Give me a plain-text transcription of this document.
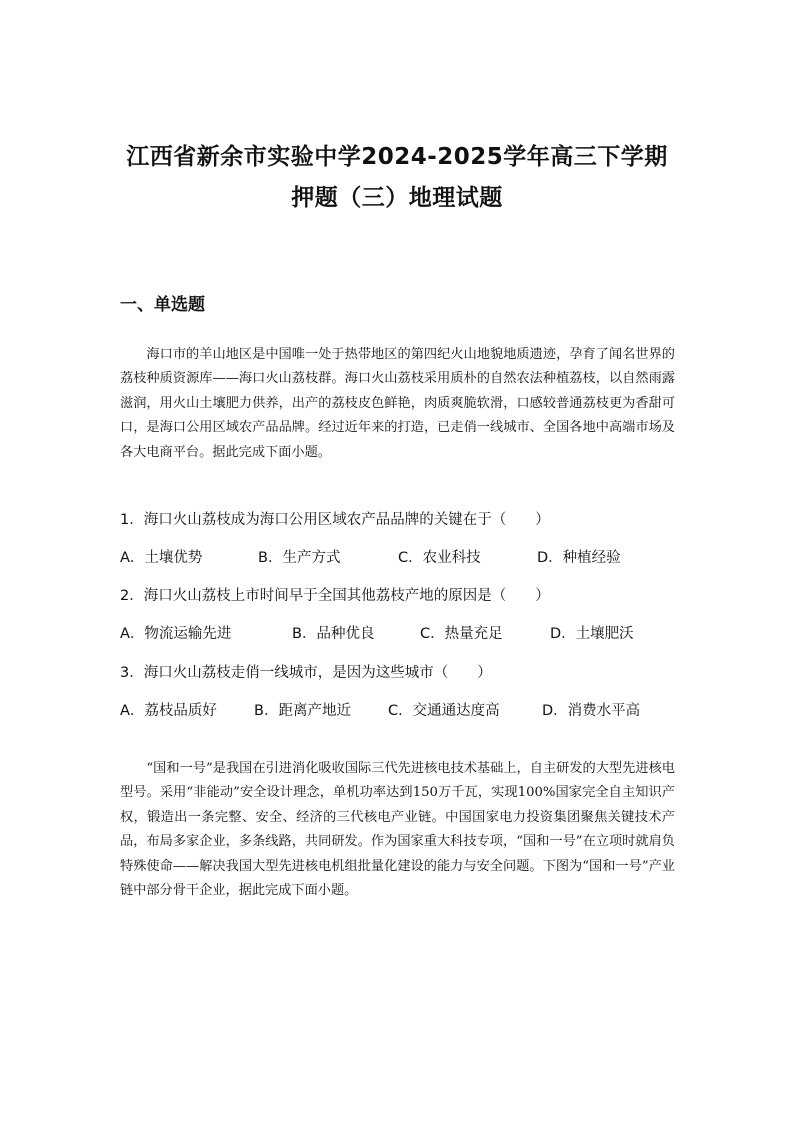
江西省新余市实验中学2024-2025学年高三下学期
押题（三）地理试题
一、单选题

海口市的羊山地区是中国唯一处于热带地区的第四纪火山地貌地质遗迹，孕育了闻名世界的荔枝种质资源库——海口火山荔枝群。海口火山荔枝采用质朴的自然农法种植荔枝，以自然雨露滋润，用火山土壤肥力供养，出产的荔枝皮色鲜艳，肉质爽脆软滑，口感较普通荔枝更为香甜可口，是海口公用区域农产品品牌。经过近年来的打造，已走俏一线城市、全国各地中高端市场及各大电商平台。据此完成下面小题。

1．海口火山荔枝成为海口公用区域农产品品牌的关键在于（　　）
A．土壤优势	B．生产方式	C．农业科技	D．种植经验
2．海口火山荔枝上市时间早于全国其他荔枝产地的原因是（　　）
A．物流运输先进	B．品种优良	C．热量充足	D．土壤肥沃
3．海口火山荔枝走俏一线城市，是因为这些城市（　　）
A．荔枝品质好	B．距离产地近	C．交通通达度高	D．消费水平高

“国和一号”是我国在引进消化吸收国际三代先进核电技术基础上，自主研发的大型先进核电型号。采用“非能动”安全设计理念，单机功率达到150万千瓦，实现100%国家完全自主知识产权，锻造出一条完整、安全、经济的三代核电产业链。中国国家电力投资集团聚焦关键技术产品，布局多家企业，多条线路，共同研发。作为国家重大科技专项，“国和一号”在立项时就肩负特殊使命——解决我国大型先进核电机组批量化建设的能力与安全问题。下图为“国和一号”产业链中部分骨干企业，据此完成下面小题。
